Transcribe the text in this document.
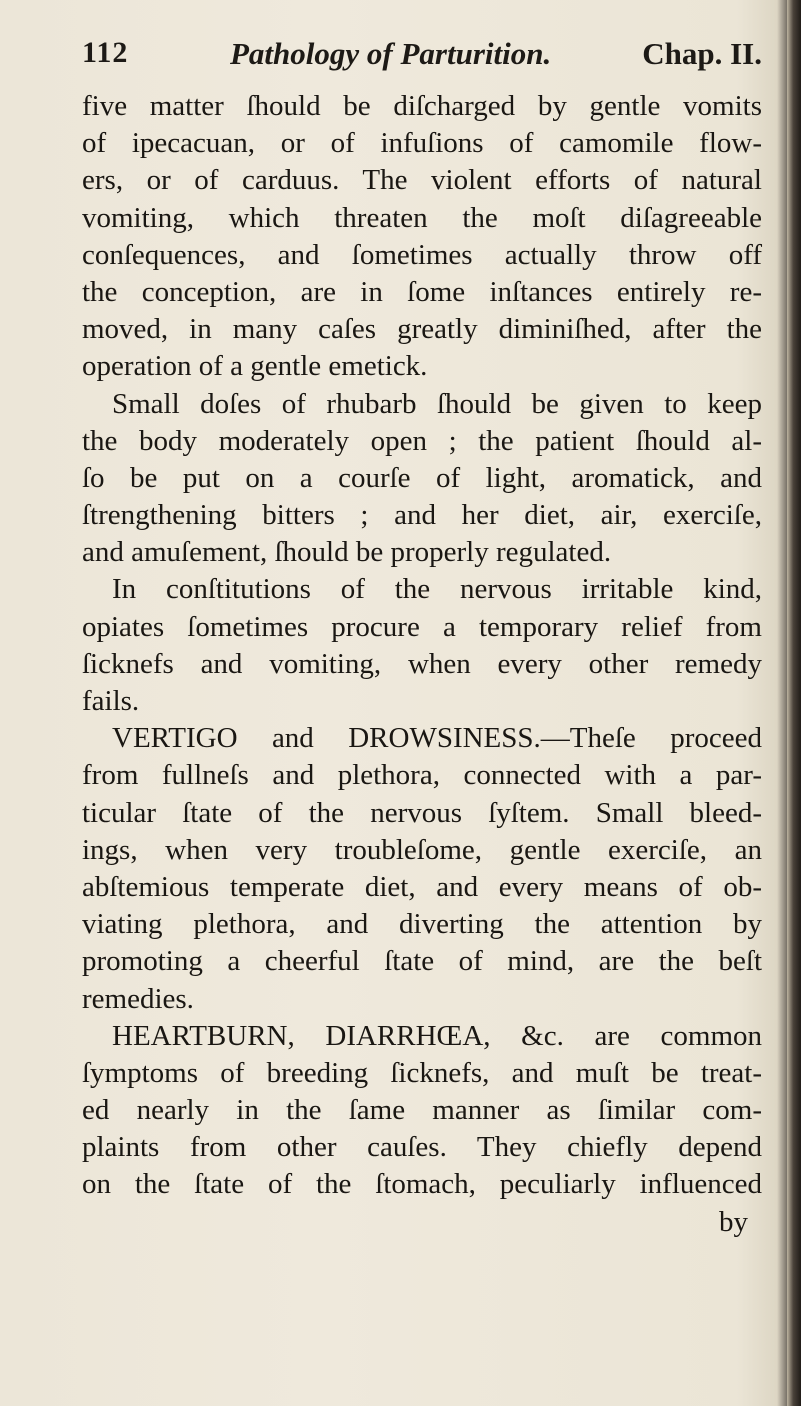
112	Pathology of Parturition.	Chap. II.
five matter ſhould be diſcharged by gentle vomits
of ipecacuan, or of infuſions of camomile flow-
ers, or of carduus. The violent efforts of natural
vomiting, which threaten the moſt diſagreeable
conſequences, and ſometimes actually throw off
the conception, are in ſome inſtances entirely re-
moved, in many caſes greatly diminiſhed, after the
operation of a gentle emetick.
Small doſes of rhubarb ſhould be given to keep
the body moderately open ; the patient ſhould al-
ſo be put on a courſe of light, aromatick, and
ſtrengthening bitters ; and her diet, air, exerciſe,
and amuſement, ſhould be properly regulated.
In conſtitutions of the nervous irritable kind,
opiates ſometimes procure a temporary relief from
ſicknefs and vomiting, when every other remedy
fails.
VERTIGO and DROWSINESS.—Theſe proceed
from fullneſs and plethora, connected with a par-
ticular ſtate of the nervous ſyſtem. Small bleed-
ings, when very troubleſome, gentle exerciſe, an
abſtemious temperate diet, and every means of ob-
viating plethora, and diverting the attention by
promoting a cheerful ſtate of mind, are the beſt
remedies.
HEARTBURN, DIARRHŒA, &c. are common
ſymptoms of breeding ſicknefs, and muſt be treat-
ed nearly in the ſame manner as ſimilar com-
plaints from other cauſes. They chiefly depend
on the ſtate of the ſtomach, peculiarly influenced
by
